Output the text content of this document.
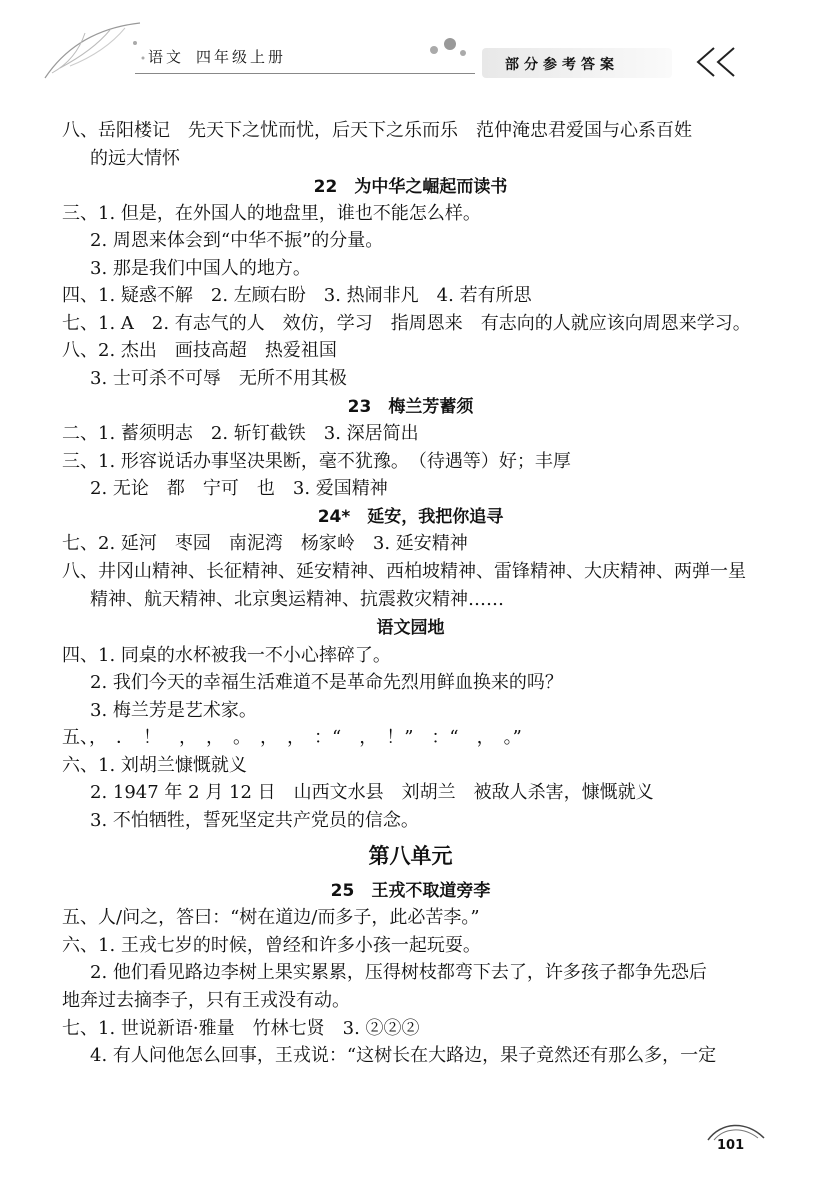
语文 四年级上册	部分参考答案
八、岳阳楼记　先天下之忧而忧，后天下之乐而乐　范仲淹忠君爱国与心系百姓
的远大情怀
22　为中华之崛起而读书
三、1. 但是，在外国人的地盘里，谁也不能怎么样。
2. 周恩来体会到“中华不振”的分量。
3. 那是我们中国人的地方。
四、1. 疑惑不解　2. 左顾右盼　3. 热闹非凡　4. 若有所思
七、1. A　2. 有志气的人　效仿，学习　指周恩来　有志向的人就应该向周恩来学习。
八、2. 杰出　画技高超　热爱祖国
3. 士可杀不可辱　无所不用其极
23　梅兰芳蓄须
二、1. 蓄须明志　2. 斩钉截铁　3. 深居简出
三、1. 形容说话办事坚决果断，毫不犹豫。　（待遇等）好；丰厚
2. 无论　都　宁可　也　3. 爱国精神
24*　延安，我把你追寻
七、2. 延河　枣园　南泥湾　杨家岭　3. 延安精神
八、井冈山精神、长征精神、延安精神、西柏坡精神、雷锋精神、大庆精神、两弹一星
精神、航天精神、北京奥运精神、抗震救灾精神……
语文园地
四、1. 同桌的水杯被我一不小心摔碎了。
2. 我们今天的幸福生活难道不是革命先烈用鲜血换来的吗？
3. 梅兰芳是艺术家。
五、，　．　！　，　，　。　，　，　：“　，　！”　：“　，　。”
六、1. 刘胡兰慷慨就义
2. 1947 年 2 月 12 日　山西文水县　刘胡兰　被敌人杀害，慷慨就义
3. 不怕牺牲，誓死坚定共产党员的信念。
第八单元
25　王戎不取道旁李
五、人/问之，答曰：“树在道边/而多子，此必苦李。”
六、1. 王戎七岁的时候，曾经和许多小孩一起玩耍。
2. 他们看见路边李树上果实累累，压得树枝都弯下去了，许多孩子都争先恐后
地奔过去摘李子，只有王戎没有动。
七、1. 世说新语·雅量　竹林七贤　3. ②②②
4. 有人问他怎么回事，王戎说：“这树长在大路边，果子竟然还有那么多，一定
101
